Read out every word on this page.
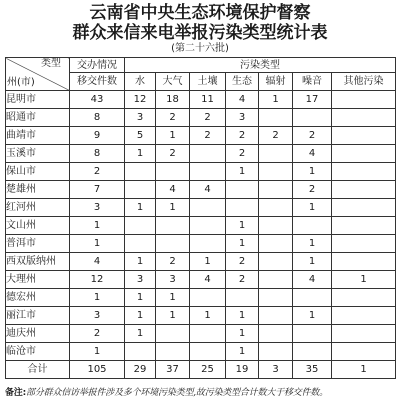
云南省中央生态环境保护督察
群众来信来电举报污染类型统计表
(第二十六批)
类型
州(市)	交办情况	污染类型						
	移交件数	水	大气	土壤	生态	辐射	噪音	其他污染
昆明市	43	12	18	11	4	1	17	
昭通市	8	3	2	2	3			
曲靖市	9	5	1	2	2	2	2	
玉溪市	8	1	2		2		4	
保山市	2				1		1	
楚雄州	7		4	4			2	
红河州	3	1	1				1	
文山州	1				1			
普洱市	1				1		1	
西双版纳州	4	1	2	1	2		1	
大理州	12	3	3	4	2		4	1
德宏州	1	1	1					
丽江市	3	1	1	1	1		1	
迪庆州	2	1			1			
临沧市	1				1			
合计	105	29	37	25	19	3	35	1
备注:部分群众信访举报件涉及多个环境污染类型,故污染类型合计数大于移交件数。
